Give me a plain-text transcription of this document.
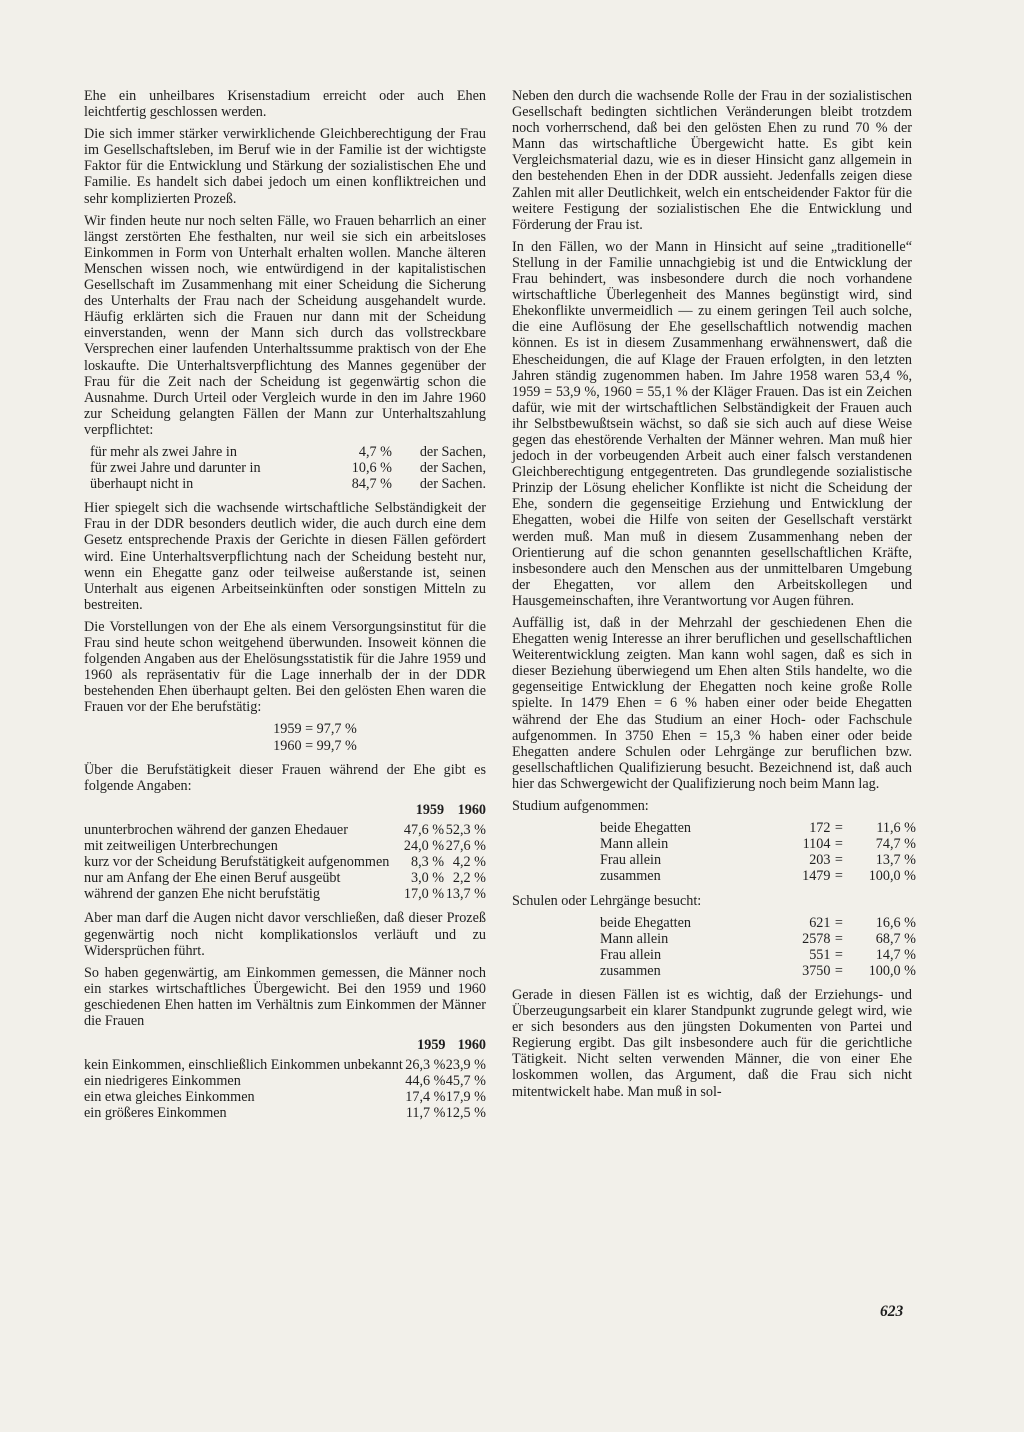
Ehe ein unheilbares Krisenstadium erreicht oder auch Ehen leichtfertig geschlossen werden.

Die sich immer stärker verwirklichende Gleichberechtigung der Frau im Gesellschaftsleben, im Beruf wie in der Familie ist der wichtigste Faktor für die Entwicklung und Stärkung der sozialistischen Ehe und Familie. Es handelt sich dabei jedoch um einen konfliktreichen und sehr komplizierten Prozeß.

Wir finden heute nur noch selten Fälle, wo Frauen beharrlich an einer längst zerstörten Ehe festhalten, nur weil sie sich ein arbeitsloses Einkommen in Form von Unterhalt erhalten wollen. Manche älteren Menschen wissen noch, wie entwürdigend in der kapitalistischen Gesellschaft im Zusammenhang mit einer Scheidung die Sicherung des Unterhalts der Frau nach der Scheidung ausgehandelt wurde. Häufig erklärten sich die Frauen nur dann mit der Scheidung einverstanden, wenn der Mann sich durch das vollstreckbare Versprechen einer laufenden Unterhaltssumme praktisch von der Ehe loskaufte. Die Unterhaltsverpflichtung des Mannes gegenüber der Frau für die Zeit nach der Scheidung ist gegenwärtig schon die Ausnahme. Durch Urteil oder Vergleich wurde in den im Jahre 1960 zur Scheidung gelangten Fällen der Mann zur Unterhaltszahlung verpflichtet:

für mehr als zwei Jahre in	4,7 %	der Sachen,
für zwei Jahre und darunter in	10,6 %	der Sachen,
überhaupt nicht in	84,7 %	der Sachen.

Hier spiegelt sich die wachsende wirtschaftliche Selbständigkeit der Frau in der DDR besonders deutlich wider, die auch durch eine dem Gesetz entsprechende Praxis der Gerichte in diesen Fällen gefördert wird. Eine Unterhaltsverpflichtung nach der Scheidung besteht nur, wenn ein Ehegatte ganz oder teilweise außerstande ist, seinen Unterhalt aus eigenen Arbeitseinkünften oder sonstigen Mitteln zu bestreiten.

Die Vorstellungen von der Ehe als einem Versorgungsinstitut für die Frau sind heute schon weitgehend überwunden. Insoweit können die folgenden Angaben aus der Ehelösungsstatistik für die Jahre 1959 und 1960 als repräsentativ für die Lage innerhalb der in der DDR bestehenden Ehen überhaupt gelten. Bei den gelösten Ehen waren die Frauen vor der Ehe berufstätig:

1959 = 97,7 %
1960 = 99,7 %

Über die Berufstätigkeit dieser Frauen während der Ehe gibt es folgende Angaben:

	1959	1960
ununterbrochen während der ganzen Ehedauer	47,6 %	52,3 %
mit zeitweiligen Unterbrechungen	24,0 %	27,6 %
kurz vor der Scheidung Berufstätigkeit aufgenommen	8,3 %	4,2 %
nur am Anfang der Ehe einen Beruf ausgeübt	3,0 %	2,2 %
während der ganzen Ehe nicht berufstätig	17,0 %	13,7 %

Aber man darf die Augen nicht davor verschließen, daß dieser Prozeß gegenwärtig noch nicht komplikationslos verläuft und zu Widersprüchen führt.

So haben gegenwärtig, am Einkommen gemessen, die Männer noch ein starkes wirtschaftliches Übergewicht. Bei den 1959 und 1960 geschiedenen Ehen hatten im Verhältnis zum Einkommen der Männer die Frauen

	1959	1960
kein Einkommen, einschließlich Einkommen unbekannt	26,3 %	23,9 %
ein niedrigeres Einkommen	44,6 %	45,7 %
ein etwa gleiches Einkommen	17,4 %	17,9 %
ein größeres Einkommen	11,7 %	12,5 %

Neben den durch die wachsende Rolle der Frau in der sozialistischen Gesellschaft bedingten sichtlichen Veränderungen bleibt trotzdem noch vorherrschend, daß bei den gelösten Ehen zu rund 70 % der Mann das wirtschaftliche Übergewicht hatte. Es gibt kein Vergleichsmaterial dazu, wie es in dieser Hinsicht ganz allgemein in den bestehenden Ehen in der DDR aussieht. Jedenfalls zeigen diese Zahlen mit aller Deutlichkeit, welch ein entscheidender Faktor für die weitere Festigung der sozialistischen Ehe die Entwicklung und Förderung der Frau ist.

In den Fällen, wo der Mann in Hinsicht auf seine „traditionelle“ Stellung in der Familie unnachgiebig ist und die Entwicklung der Frau behindert, was insbesondere durch die noch vorhandene wirtschaftliche Überlegenheit des Mannes begünstigt wird, sind Ehekonflikte unvermeidlich — zu einem geringen Teil auch solche, die eine Auflösung der Ehe gesellschaftlich notwendig machen können. Es ist in diesem Zusammenhang erwähnenswert, daß die Ehescheidungen, die auf Klage der Frauen erfolgten, in den letzten Jahren ständig zugenommen haben. Im Jahre 1958 waren 53,4 %, 1959 = 53,9 %, 1960 = 55,1 % der Kläger Frauen. Das ist ein Zeichen dafür, wie mit der wirtschaftlichen Selbständigkeit der Frauen auch ihr Selbstbewußtsein wächst, so daß sie sich auch auf diese Weise gegen das ehestörende Verhalten der Männer wehren. Man muß hier jedoch in der vorbeugenden Arbeit auch einer falsch verstandenen Gleichberechtigung entgegentreten. Das grundlegende sozialistische Prinzip der Lösung ehelicher Konflikte ist nicht die Scheidung der Ehe, sondern die gegenseitige Erziehung und Entwicklung der Ehegatten, wobei die Hilfe von seiten der Gesellschaft verstärkt werden muß. Man muß in diesem Zusammenhang neben der Orientierung auf die schon genannten gesellschaftlichen Kräfte, insbesondere auch den Menschen aus der unmittelbaren Umgebung der Ehegatten, vor allem den Arbeitskollegen und Hausgemeinschaften, ihre Verantwortung vor Augen führen.

Auffällig ist, daß in der Mehrzahl der geschiedenen Ehen die Ehegatten wenig Interesse an ihrer beruflichen und gesellschaftlichen Weiterentwicklung zeigten. Man kann wohl sagen, daß es sich in dieser Beziehung überwiegend um Ehen alten Stils handelte, wo die gegenseitige Entwicklung der Ehegatten noch keine große Rolle spielte. In 1479 Ehen = 6 % haben einer oder beide Ehegatten während der Ehe das Studium an einer Hoch- oder Fachschule aufgenommen. In 3750 Ehen = 15,3 % haben einer oder beide Ehegatten andere Schulen oder Lehrgänge zur beruflichen bzw. gesellschaftlichen Qualifizierung besucht. Bezeichnend ist, daß auch hier das Schwergewicht der Qualifizierung noch beim Mann lag.

Studium aufgenommen:

beide Ehegatten	172	=	11,6 %
Mann allein	1104	=	74,7 %
Frau allein	203	=	13,7 %
zusammen	1479	=	100,0 %

Schulen oder Lehrgänge besucht:

beide Ehegatten	621	=	16,6 %
Mann allein	2578	=	68,7 %
Frau allein	551	=	14,7 %
zusammen	3750	=	100,0 %

Gerade in diesen Fällen ist es wichtig, daß der Erziehungs- und Überzeugungsarbeit ein klarer Standpunkt zugrunde gelegt wird, wie er sich besonders aus den jüngsten Dokumenten von Partei und Regierung ergibt. Das gilt insbesondere auch für die gerichtliche Tätigkeit. Nicht selten verwenden Männer, die von einer Ehe loskommen wollen, das Argument, daß die Frau sich nicht mitentwickelt habe. Man muß in sol-

623
